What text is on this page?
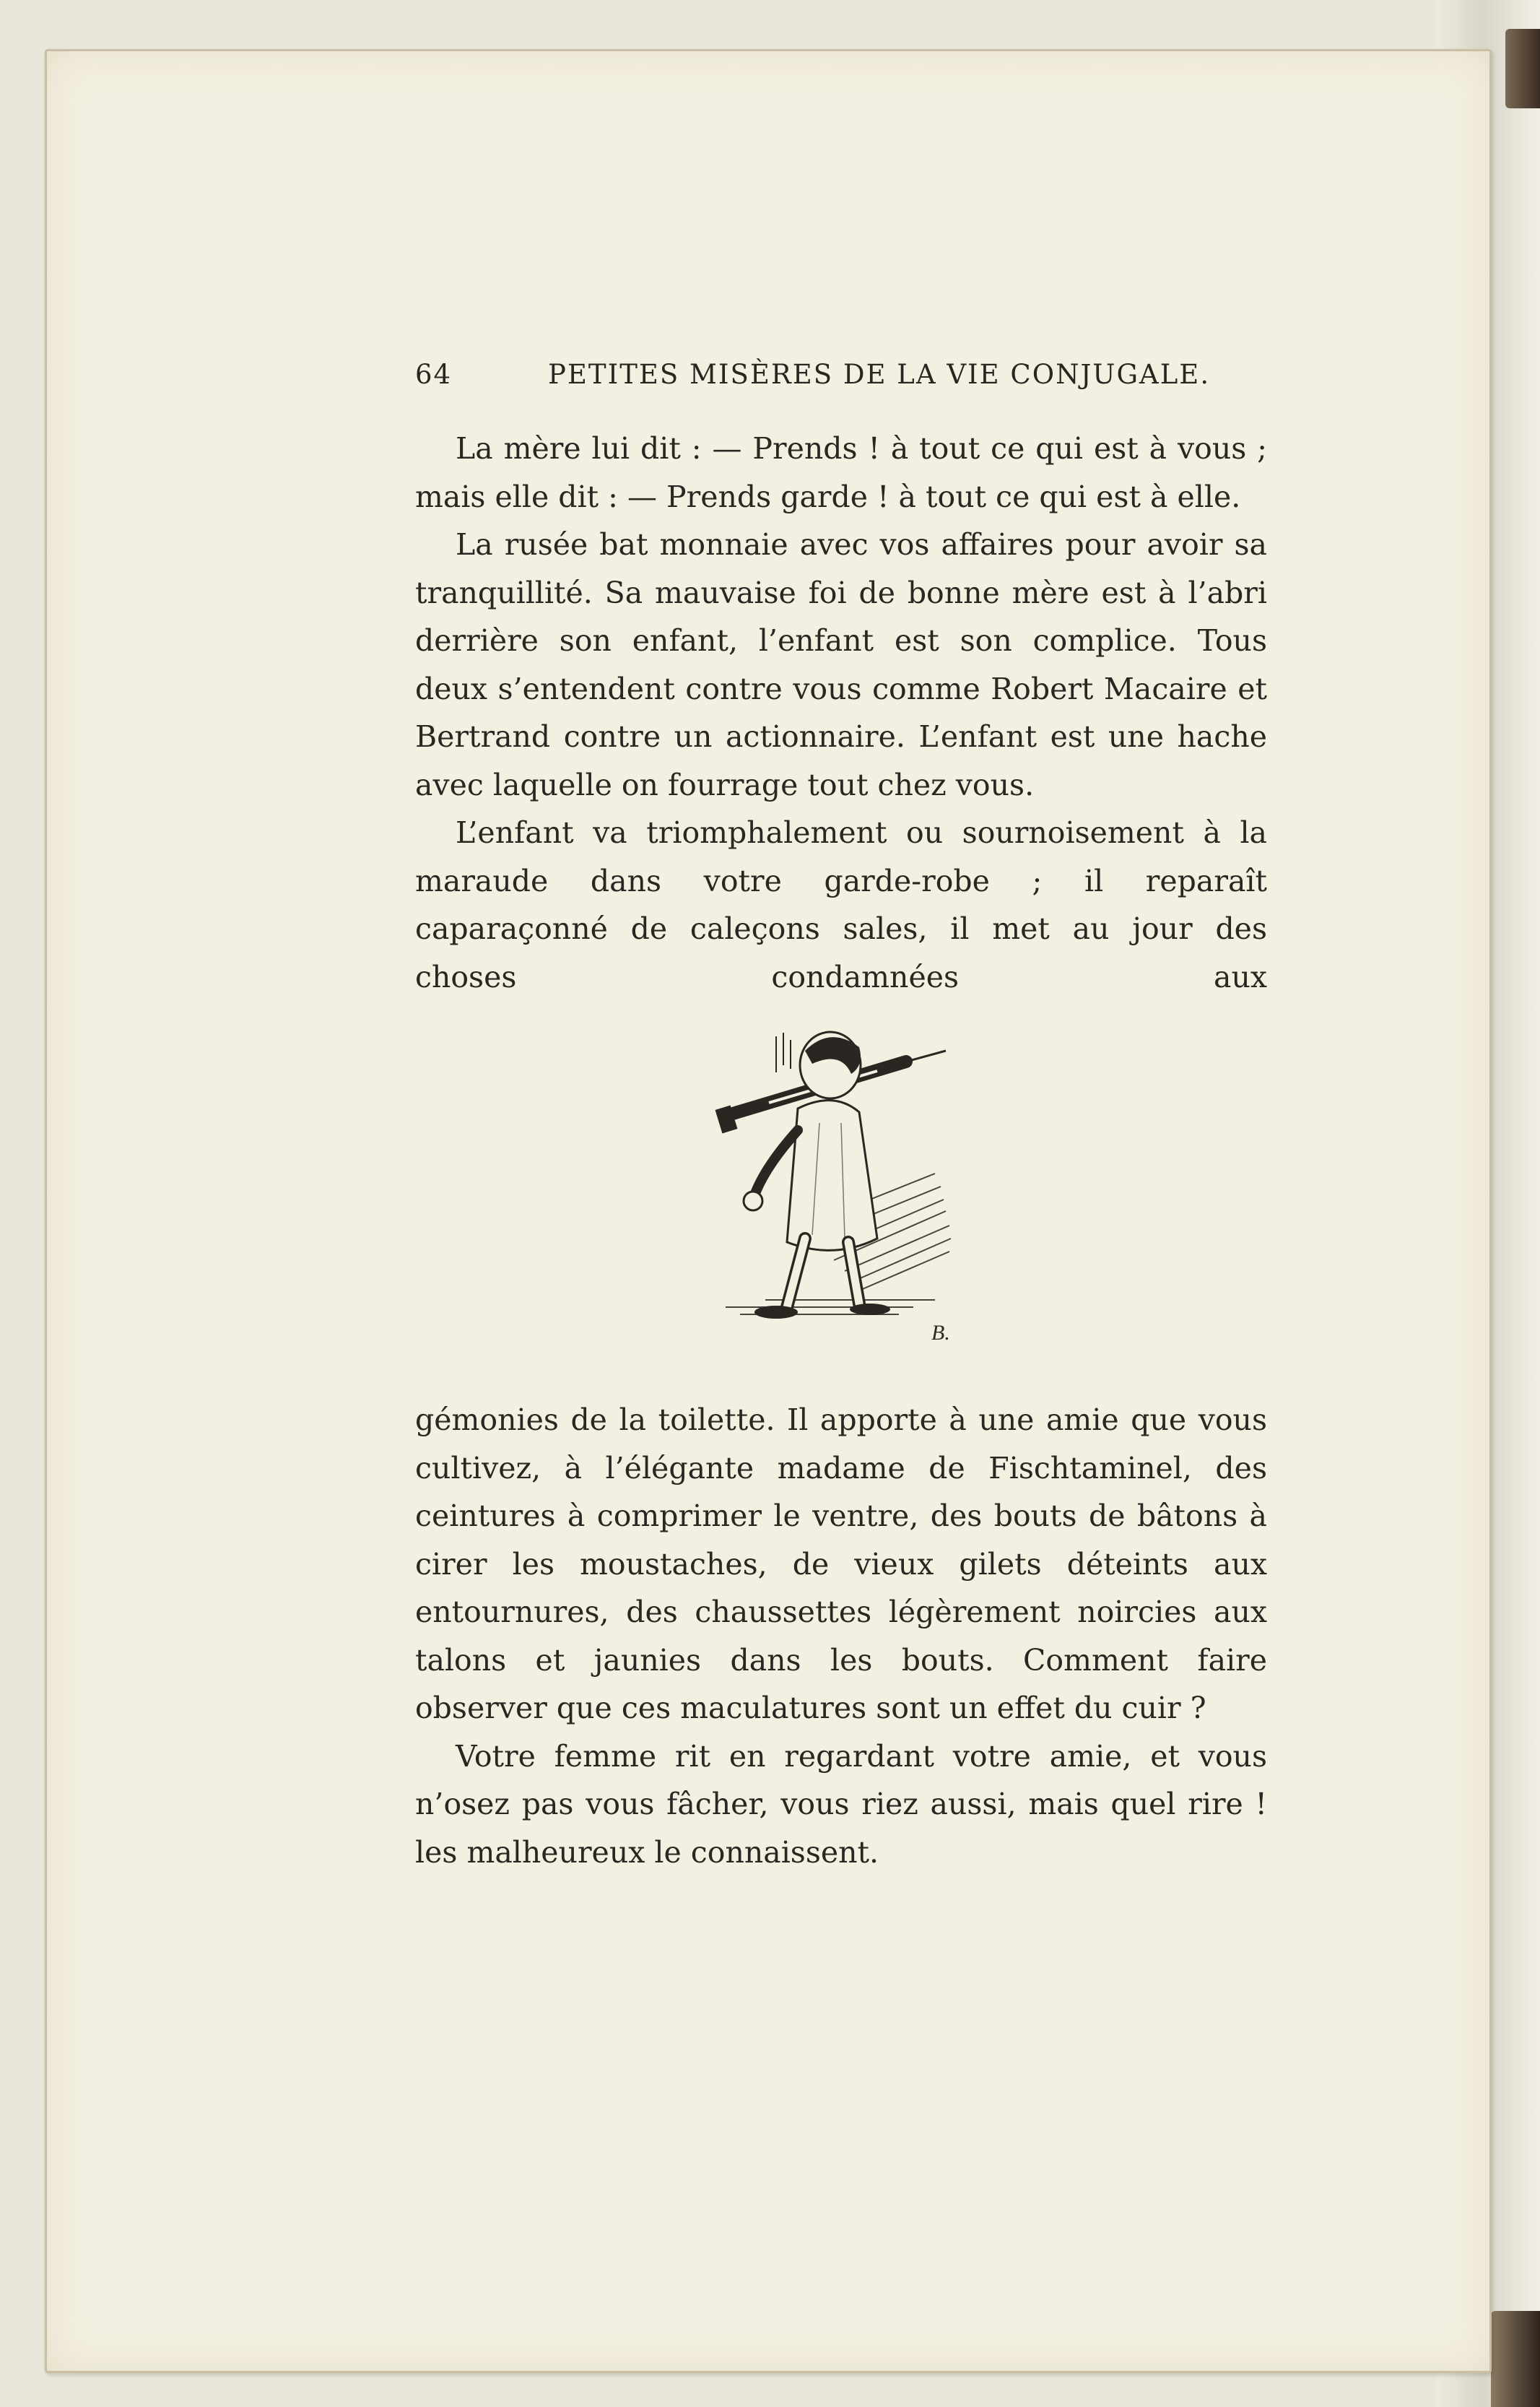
64	PETITES MISÈRES DE LA VIE CONJUGALE.

La mère lui dit : — Prends ! à tout ce qui est à vous ; mais elle dit : — Prends garde ! à tout ce qui est à elle.

La rusée bat monnaie avec vos affaires pour avoir sa tranquillité. Sa mauvaise foi de bonne mère est à l’abri derrière son enfant, l’enfant est son complice. Tous deux s’entendent contre vous comme Robert Macaire et Bertrand contre un actionnaire. L’enfant est une hache avec laquelle on fourrage tout chez vous.

L’enfant va triomphalement ou sournoisement à la maraude dans votre garde-robe ; il reparaît caparaçonné de caleçons sales, il met au jour des choses condamnées aux

B.

gémonies de la toilette. Il apporte à une amie que vous cultivez, à l’élégante madame de Fischtaminel, des ceintures à comprimer le ventre, des bouts de bâtons à cirer les moustaches, de vieux gilets déteints aux entournures, des chaussettes légèrement noircies aux talons et jaunies dans les bouts. Comment faire observer que ces maculatures sont un effet du cuir ?

Votre femme rit en regardant votre amie, et vous n’osez pas vous fâcher, vous riez aussi, mais quel rire ! les malheureux le connaissent.
